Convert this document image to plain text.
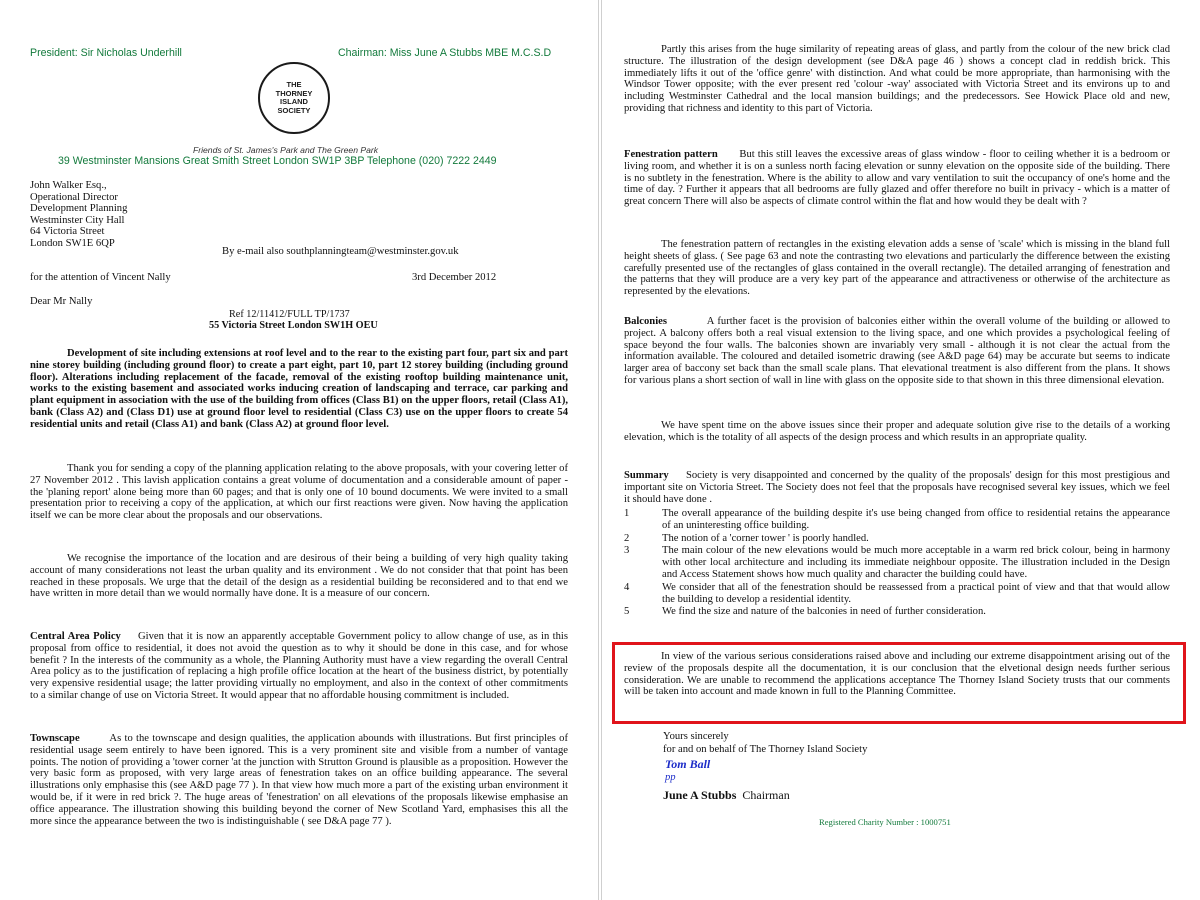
President: Sir Nicholas Underhill	Chairman: Miss June A Stubbs MBE M.C.S.D
THE
THORNEY
ISLAND
SOCIETY
Friends of St. James's Park and The Green Park
39 Westminster Mansions Great Smith Street London SW1P 3BP Telephone (020) 7222 2449
John Walker Esq.,
Operational Director
Development Planning
Westminster City Hall
64 Victoria Street
London SW1E 6QP
By e-mail also southplanningteam@westminster.gov.uk
for the attention of Vincent Nally	3rd December 2012
Dear Mr Nally
Ref 12/11412/FULL TP/1737
55 Victoria Street London SW1H OEU

Development of site including extensions at roof level and to the rear to the existing part four, part six and part nine storey building (including ground floor) to create a part eight, part 10, part 12 storey building (including ground floor). Alterations including replacement of the facade, removal of the existing rooftop building maintenance unit, works to the existing basement and associated works inducing creation of landscaping and terrace, car parking and plant equipment in association with the use of the building from offices (Class B1) on the upper floors, retail (Class A1), bank (Class A2) and (Class D1) use at ground floor level to residential (Class C3) use on the upper floors to create 54 residential units and retail (Class A1) and bank (Class A2) at ground floor level.

Thank you for sending a copy of the planning application relating to the above proposals, with your covering letter of 27 November 2012 . This lavish application contains a great volume of documentation and a considerable amount of paper - the 'planing report' alone being more than 60 pages; and that is only one of 10 bound documents. We were invited to a small presentation prior to receiving a copy of the application, at which our first reactions were given. Now having the application itself we can be more clear about the proposals and our observations.

We recognise the importance of the location and are desirous of their being a building of very high quality taking account of many considerations not least the urban quality and its environment . We do not consider that that point has been reached in these proposals. We urge that the detail of the design as a residential building be reconsidered and to that end we have written in more detail than we would normally have done. It is a measure of our concern.

Central Area Policy Given that it is now an apparently acceptable Government policy to allow change of use, as in this proposal from office to residential, it does not avoid the question as to why it should be done in this case, and for whose benefit ? In the interests of the community as a whole, the Planning Authority must have a view regarding the overall Central Area policy as to the justification of replacing a high profile office location at the heart of the business district, by potentially very expensive residential usage; the latter providing virtually no employment, and also in the context of other commitments to a similar change of use on Victoria Street. It would appear that no affordable housing commitment is included.

Townscape	As to the townscape and design qualities, the application abounds with illustrations. But first principles of residential usage seem entirely to have been ignored. This is a very prominent site and visible from a number of vantage points. The notion of providing a 'tower corner 'at the junction with Strutton Ground is plausible as a proposition. However the very basic form as proposed, with very large areas of fenestration takes on an office building appearance. The several illustrations only emphasise this (see A&D page 77 ). In that view how much more a part of the existing urban environment it would be, if it were in red brick ?. The huge areas of 'fenestration' on all elevations of the proposals likewise emphasise an office appearance. The illustration showing this building beyond the corner of New Scotland Yard, emphasises this all the more since the appearance between the two is indistinguishable ( see D&A page 77 ).

​

Partly this arises from the huge similarity of repeating areas of glass, and partly from the colour of the new brick clad structure. The illustration of the design development (see D&A page 46 ) shows a concept clad in reddish brick. This immediately lifts it out of the 'office genre' with distinction. And what could be more appropriate, than harmonising with the Windsor Tower opposite; with the ever present red 'colour -way' associated with Victoria Street and its environs up to and including Westminster Cathedral and the local mansion buildings; and the predecessors. See Howick Place old and new, providing that richness and identity to this part of Victoria.

Fenestration pattern But this still leaves the excessive areas of glass window - floor to ceiling whether it is a bedroom or living room, and whether it is on a sunless north facing elevation or sunny elevation on the opposite side of the building. There is no subtlety in the fenestration. Where is the ability to allow and vary ventilation to suit the occupancy of one's home and the time of day. ? Further it appears that all bedrooms are fully glazed and offer therefore no built in privacy - which is a matter of great concern There will also be aspects of climate control within the flat and how would they be dealt with ?

The fenestration pattern of rectangles in the existing elevation adds a sense of 'scale' which is missing in the bland full height sheets of glass. ( See page 63 and note the contrasting two elevations and particularly the difference between the existing carefully presented use of the rectangles of glass contained in the overall rectangle). The detailed arranging of fenestration and the patterns that they will produce are a very key part of the appearance and attractiveness or otherwise of the architecture as represented by the elevations.

Balconies	A further facet is the provision of balconies either within the overall volume of the building or allowed to project. A balcony offers both a real visual extension to the living space, and one which provides a psychological feeling of space beyond the four walls. The balconies shown are invariably very small - although it is not clear the actual from the information available. The coloured and detailed isometric drawing (see A&D page 64) may be accurate but seems to indicate larger area of baccony set back than the small scale plans. That elevational treatment is also different from the plans. It shows for various plans a short section of wall in line with glass on the opposite side to that shown in this three dimensional elevation.

We have spent time on the above issues since their proper and adequate solution give rise to the details of a working elevation, which is the totality of all aspects of the design process and which results in an appropriate quality.

Summary Society is very disappointed and concerned by the quality of the proposals' design for this most prestigious and important site on Victoria Street. The Society does not feel that the proposals have recognised several key issues, which we feel it should have done .

1	The overall appearance of the building despite it's use being changed from office to residential retains the appearance of an uninteresting office building.
2	The notion of a 'corner tower ' is poorly handled.
3	The main colour of the new elevations would be much more acceptable in a warm red brick colour, being in harmony with other local architecture and including its immediate neighbour opposite. The illustration included in the Design and Access Statement shows how much quality and character the building could have.
4	We consider that all of the fenestration should be reassessed from a practical point of view and that that would allow the building to develop a residential identity.
5	We find the size and nature of the balconies in need of further consideration.

In view of the various serious considerations raised above and including our extreme disappointment arising out of the review of the proposals despite all the documentation, it is our conclusion that the elvetional design needs further serious consideration. We are unable to recommend the applications acceptance The Thorney Island Society trusts that our comments will be taken into account and made known in full to the Planning Committee.

Yours sincerely
for and on behalf of The Thorney Island Society
Tom Ball
pp
June A Stubbs Chairman
Registered Charity Number : 1000751
